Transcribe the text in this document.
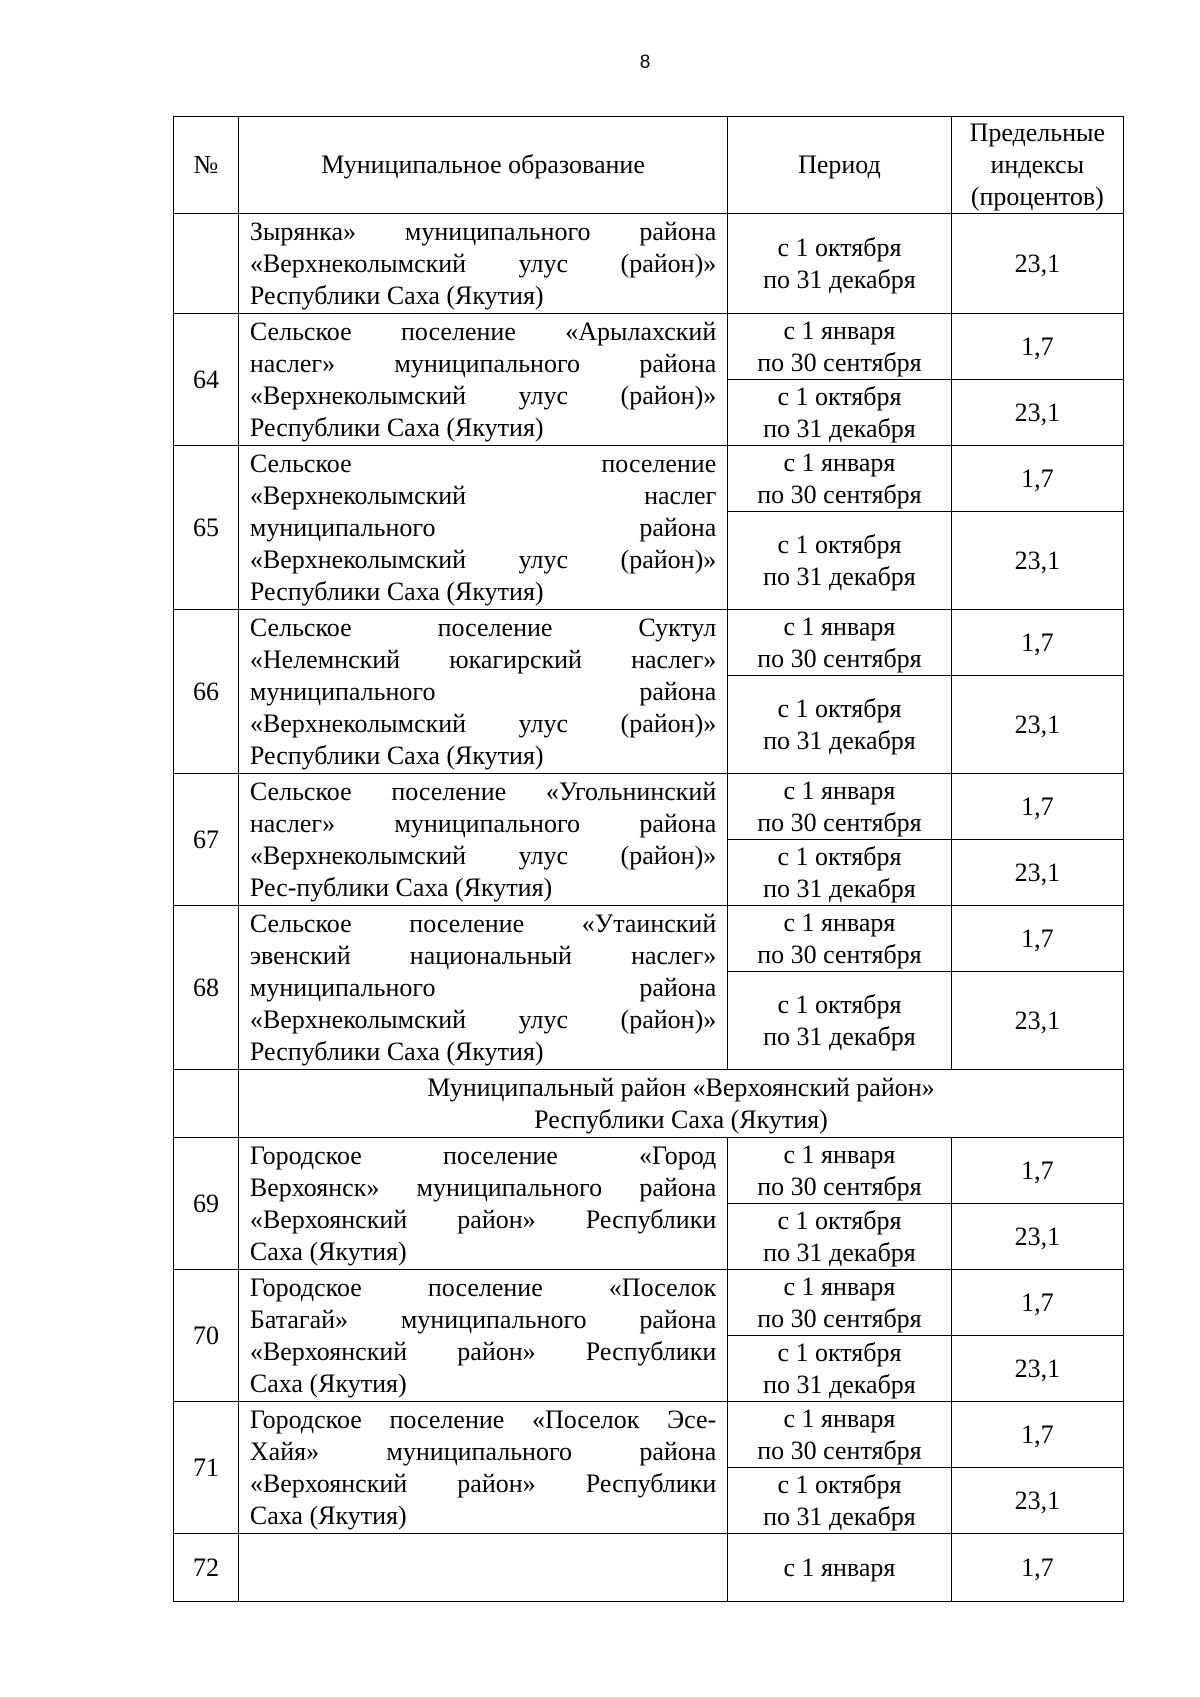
8
№	Муниципальное образование	Период	Предельные
индексы
(процентов)

	Зырянка» муниципального района
«Верхнеколымский улус (район)»
Республики Саха (Якутия)	с 1 октября
по 31 декабря	23,1
64	Сельское поселение «Арылахский
наслег» муниципального района
«Верхнеколымский улус (район)»
Республики Саха (Якутия)	с 1 января
по 30 сентября	1,7

		с 1 октября
по 31 декабря	23,1
65	Сельское поселение
«Верхнеколымский наслег
муниципального района
«Верхнеколымский улус (район)»
Республики Саха (Якутия)	с 1 января
по 30 сентября	1,7

		с 1 октября
по 31 декабря	23,1
66	Сельское поселение Суктул
«Нелемнский юкагирский наслег»
муниципального района
«Верхнеколымский улус (район)»
Республики Саха (Якутия)	с 1 января
по 30 сентября	1,7

		с 1 октября
по 31 декабря	23,1
67	Сельское поселение «Угольнинский
наслег» муниципального района
«Верхнеколымский улус (район)»
Рес-публики Саха (Якутия)	с 1 января
по 30 сентября	1,7

		с 1 октября
по 31 декабря	23,1
68	Сельское поселение «Утаинский
эвенский национальный наслег»
муниципального района
«Верхнеколымский улус (район)»
Республики Саха (Якутия)	с 1 января
по 30 сентября	1,7

		с 1 октября
по 31 декабря	23,1

	Муниципальный район «Верхоянский район»
Республики Саха (Якутия)		

69	Городское поселение «Город
Верхоянск» муниципального района
«Верхоянский район» Республики
Саха (Якутия)	с 1 января
по 30 сентября	1,7

		с 1 октября
по 31 декабря	23,1
70	Городское поселение «Поселок
Батагай» муниципального района
«Верхоянский район» Республики
Саха (Якутия)	с 1 января
по 30 сентября	1,7

		с 1 октября
по 31 декабря	23,1
71	Городское поселение «Поселок Эсе-
Хайя» муниципального района
«Верхоянский район» Республики
Саха (Якутия)	с 1 января
по 30 сентября	1,7

		с 1 октября
по 31 декабря	23,1
72		с 1 января	1,7
